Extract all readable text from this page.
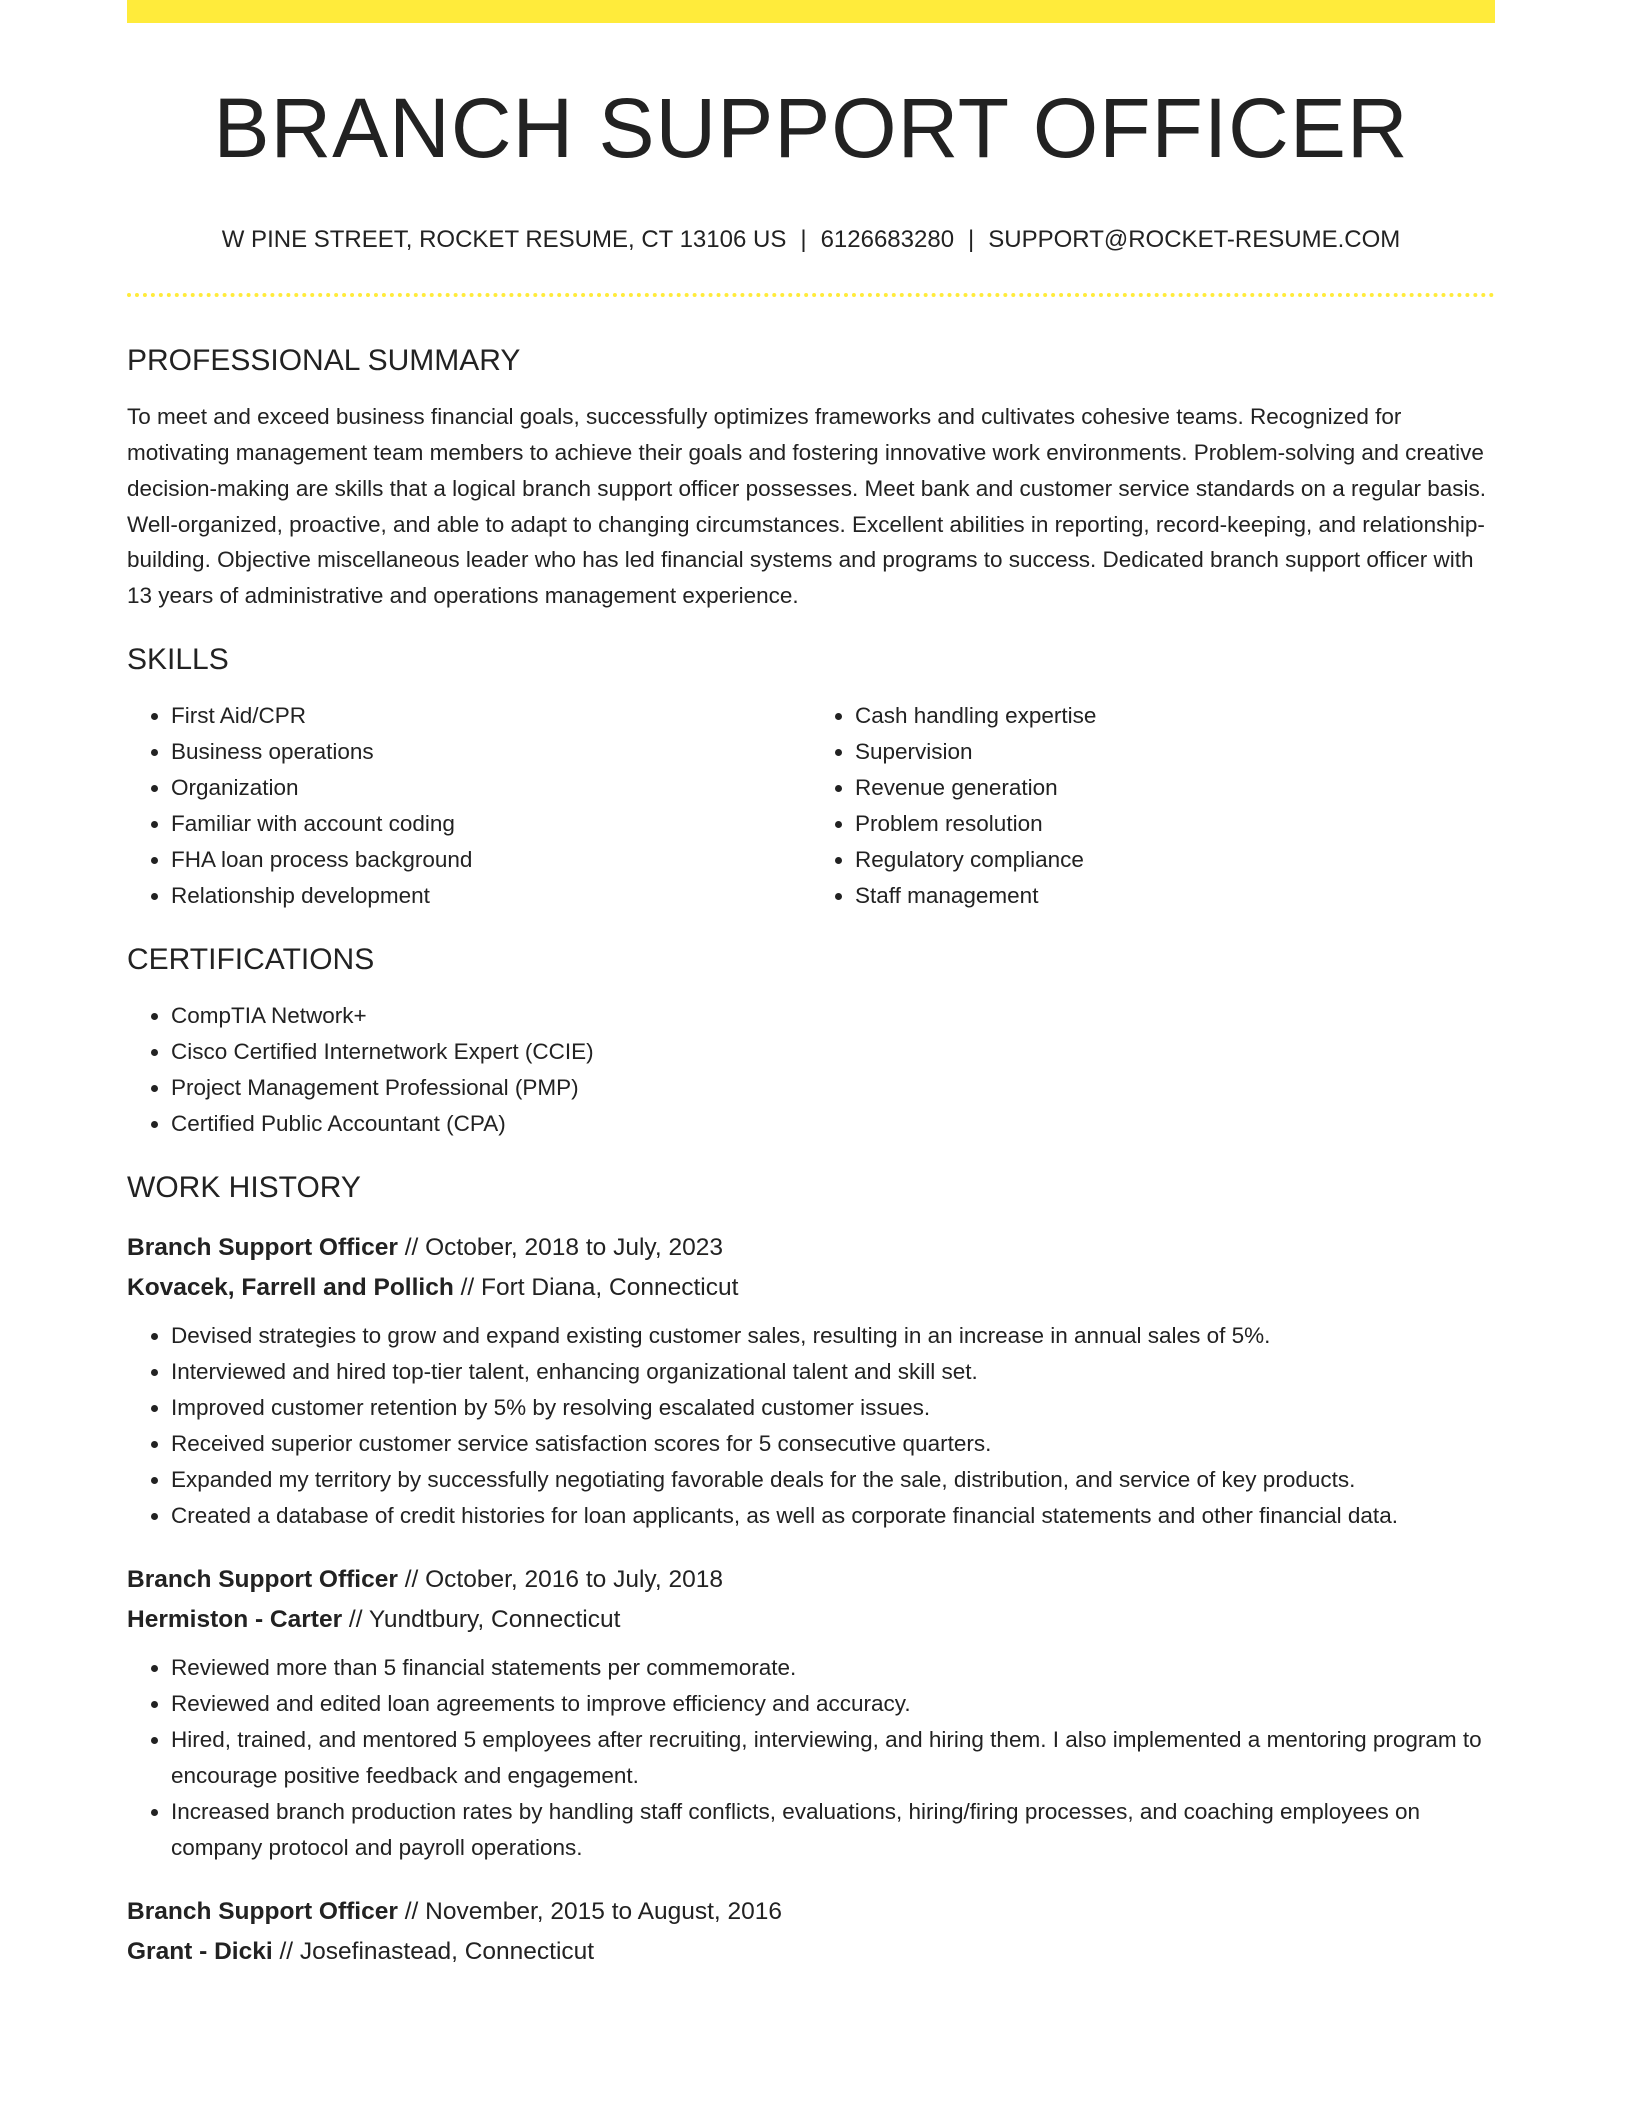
BRANCH SUPPORT OFFICER
W PINE STREET, ROCKET RESUME, CT 13106 US | 6126683280 | SUPPORT@ROCKET-RESUME.COM
PROFESSIONAL SUMMARY
To meet and exceed business financial goals, successfully optimizes frameworks and cultivates cohesive teams. Recognized for motivating management team members to achieve their goals and fostering innovative work environments. Problem-solving and creative decision-making are skills that a logical branch support officer possesses. Meet bank and customer service standards on a regular basis. Well-organized, proactive, and able to adapt to changing circumstances. Excellent abilities in reporting, record-keeping, and relationship-building. Objective miscellaneous leader who has led financial systems and programs to success. Dedicated branch support officer with 13 years of administrative and operations management experience.
SKILLS
• First Aid/CPR
• Business operations
• Organization
• Familiar with account coding
• FHA loan process background
• Relationship development
• Cash handling expertise
• Supervision
• Revenue generation
• Problem resolution
• Regulatory compliance
• Staff management
CERTIFICATIONS
• CompTIA Network+
• Cisco Certified Internetwork Expert (CCIE)
• Project Management Professional (PMP)
• Certified Public Accountant (CPA)
WORK HISTORY
Branch Support Officer // October, 2018 to July, 2023
Kovacek, Farrell and Pollich // Fort Diana, Connecticut
• Devised strategies to grow and expand existing customer sales, resulting in an increase in annual sales of 5%.
• Interviewed and hired top-tier talent, enhancing organizational talent and skill set.
• Improved customer retention by 5% by resolving escalated customer issues.
• Received superior customer service satisfaction scores for 5 consecutive quarters.
• Expanded my territory by successfully negotiating favorable deals for the sale, distribution, and service of key products.
• Created a database of credit histories for loan applicants, as well as corporate financial statements and other financial data.
Branch Support Officer // October, 2016 to July, 2018
Hermiston - Carter // Yundtbury, Connecticut
• Reviewed more than 5 financial statements per commemorate.
• Reviewed and edited loan agreements to improve efficiency and accuracy.
• Hired, trained, and mentored 5 employees after recruiting, interviewing, and hiring them. I also implemented a mentoring program to encourage positive feedback and engagement.
• Increased branch production rates by handling staff conflicts, evaluations, hiring/firing processes, and coaching employees on company protocol and payroll operations.
Branch Support Officer // November, 2015 to August, 2016
Grant - Dicki // Josefinastead, Connecticut
